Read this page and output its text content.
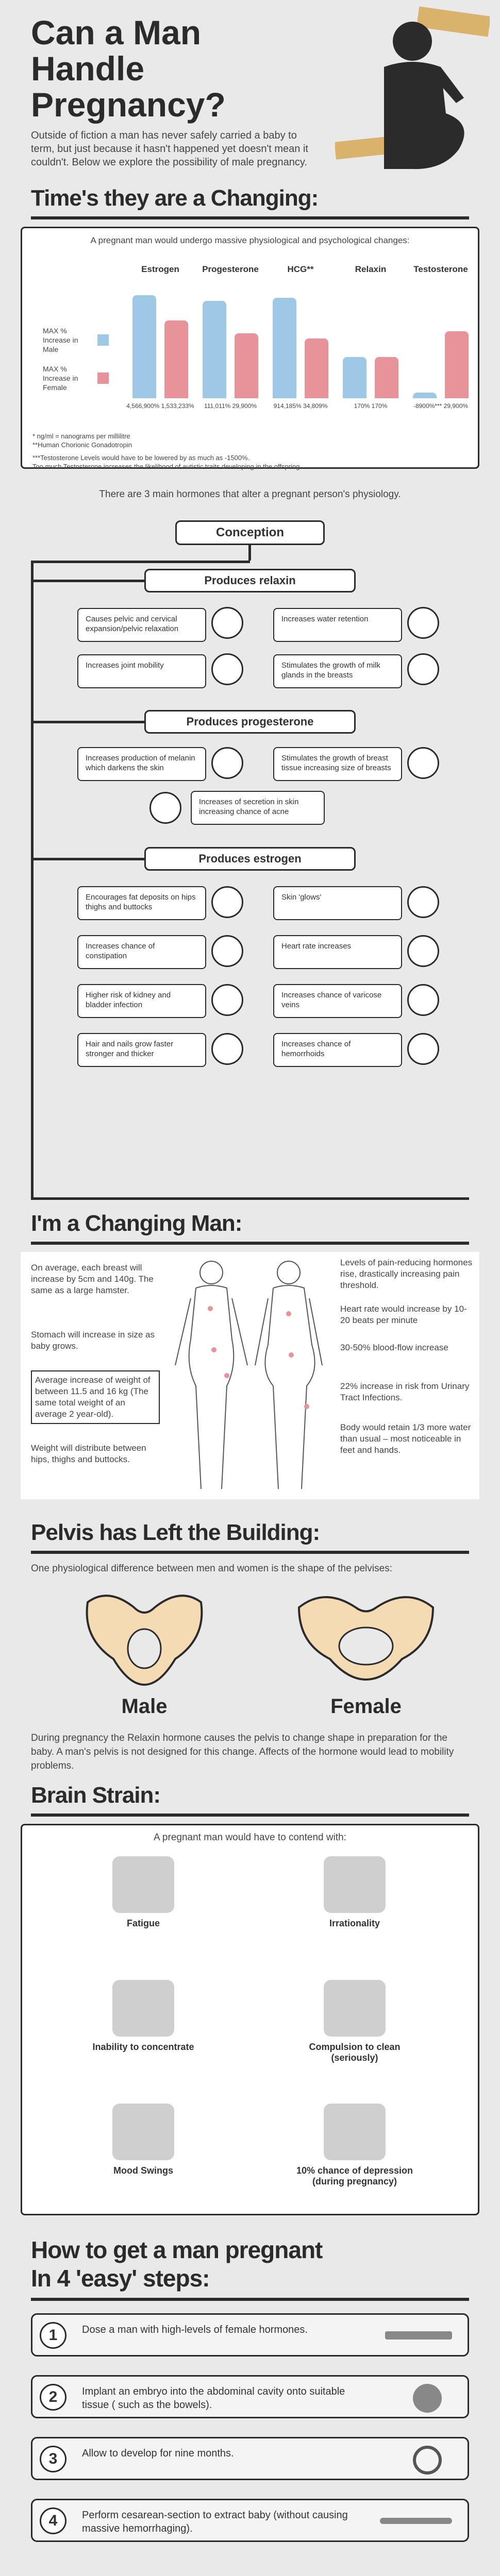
Can a Man
Handle
Pregnancy?
Outside of fiction a man has never safely carried a baby to term, but just because it hasn't happened yet doesn't mean it couldn't. Below we explore the possibility of male pregnancy.
Time's they are a Changing:
A pregnant man would undergo massive physiological and psychological changes:
MAX % Increase in Male
MAX % Increase in Female
Estrogen
4,566,900% 1,533,233%
Progesterone
111,011% 29,900%
HCG**
914,185% 34,809%
Relaxin
170% 170%
Testosterone
-8900%*** 29,900%
* ng/ml = nanograms per millilitre
**Human Chorionic Gonadotropin
***Testosterone Levels would have to be lowered by as much as -1500%.
Too much Testosterone increases the likelihood of autistic traits developing in the offspring.
There are 3 main hormones that alter a pregnant person's physiology.
Conception
Produces relaxin
Causes pelvic and cervical expansion/pelvic relaxation
Increases water retention
Increases joint mobility	Stimulates the growth of milk glands in the breasts
Produces progesterone
Increases production of melanin which darkens the skin
Stimulates the growth of breast tissue increasing size of breasts
Increases of secretion in skin increasing chance of acne
Produces estrogen
Encourages fat deposits on hips thighs and buttocks
Skin 'glows'
Increases chance of constipation
Heart rate increases
Higher risk of kidney and bladder infection
Increases chance of varicose veins
Hair and nails grow faster stronger and thicker
Increases chance of hemorrhoids
I'm a Changing Man:
On average, each breast will increase by 5cm and 140g. The same as a large hamster.
Stomach will increase in size as baby grows.
Average increase of weight of between 11.5 and 16 kg (The same total weight of an average 2 year-old).
Weight will distribute between hips, thighs and buttocks.
Levels of pain-reducing hormones rise, drastically increasing pain threshold.
Heart rate would increase by 10-20 beats per minute
30-50% blood-flow increase
22% increase in risk from Urinary Tract Infections.
Body would retain 1/3 more water than usual – most noticeable in feet and hands.
Pelvis has Left the Building:
One physiological difference between men and women is the shape of the pelvises:
Male	Female
During pregnancy the Relaxin hormone causes the pelvis to change shape in preparation for the baby. A man's pelvis is not designed for this change. Affects of the hormone would lead to mobility problems.
Brain Strain:
A pregnant man would have to contend with:
Fatigue	Irrationality
Inability to concentrate	Compulsion to clean (seriously)
Mood Swings	10% chance of depression (during pregnancy)
How to get a man pregnant
In 4 'easy' steps:
1	Dose a man with high-levels of female hormones.
2	Implant an embryo into the abdominal cavity onto suitable tissue ( such as the bowels).
3	Allow to develop for nine months.
4	Perform cesarean-section to extract baby (without causing massive hemorrhaging).
